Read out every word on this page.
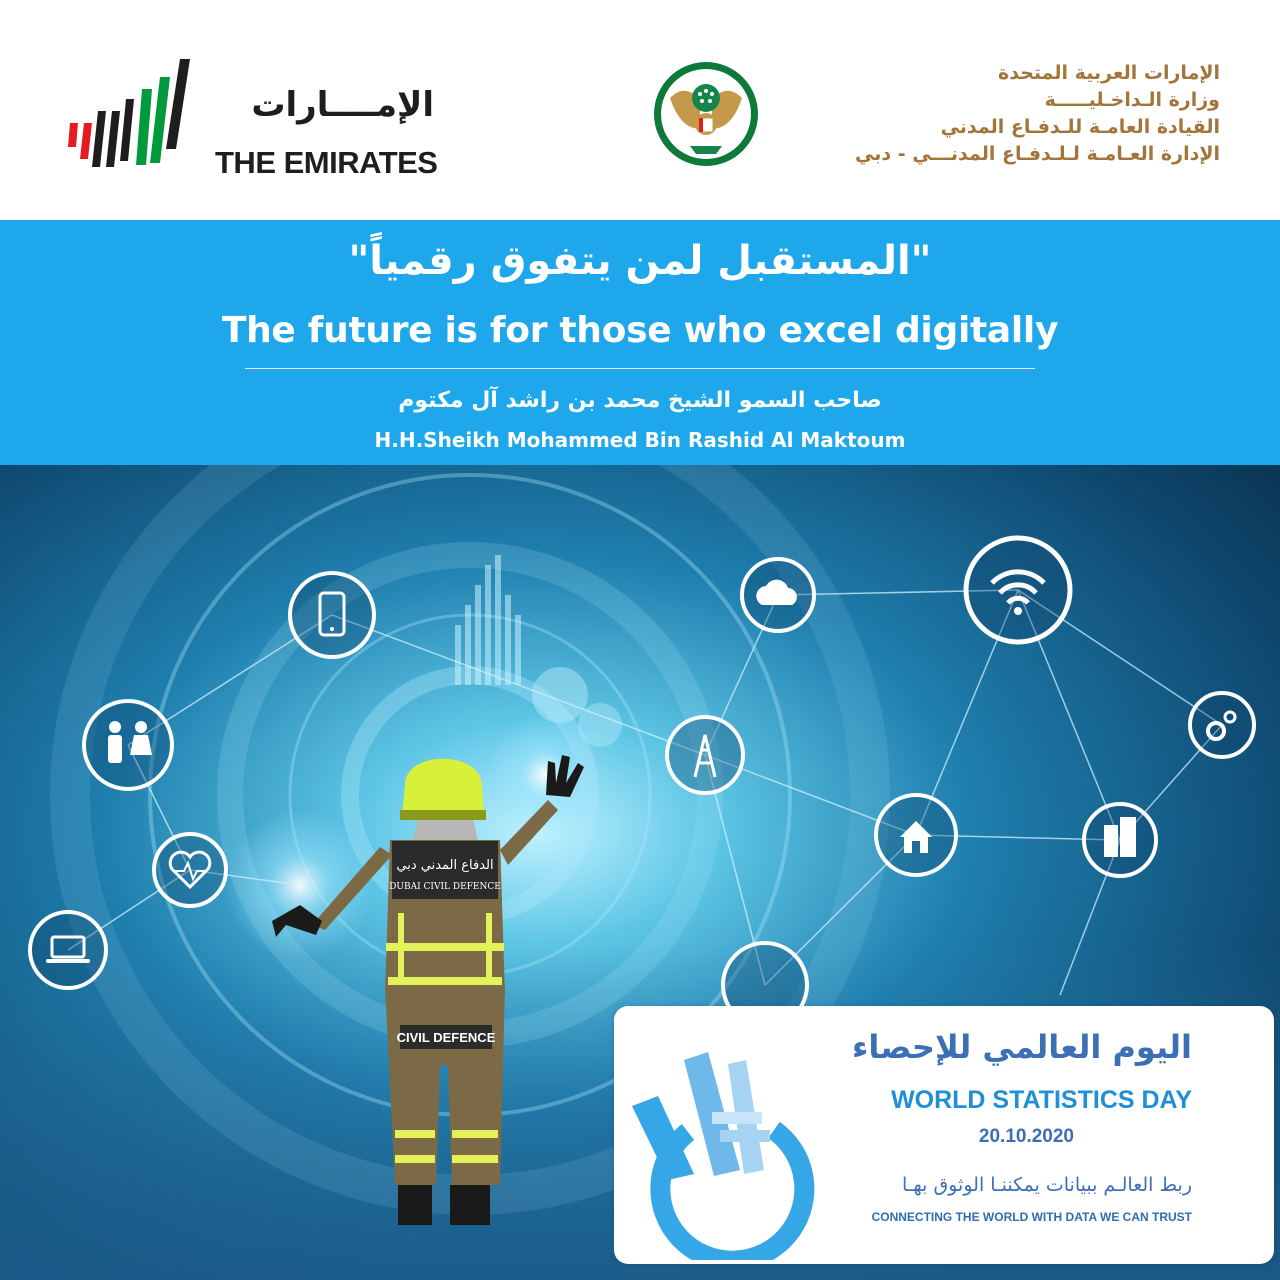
الإمــــارات
THE EMIRATES
الإمارات العربية المتحدة
وزارة الـداخـليـــــة
القيادة العامـة للـدفـاع المدني
الإدارة العـامـة لـلـدفـاع المدنـــي - دبي
"المستقبل لمن يتفوق رقمياً"
The future is for those who excel digitally
صاحب السمو الشيخ محمد بن راشد آل مكتوم
H.H.Sheikh Mohammed Bin Rashid Al Maktoum
الدفاع المدني دبي
DUBAI CIVIL DEFENCE
CIVIL DEFENCE	اليوم العالمي للإحصاء
WORLD STATISTICS DAY
20.10.2020
ربط العالـم ببيانات يمكننـا الوثوق بهـا
CONNECTING THE WORLD WITH DATA WE CAN TRUST
